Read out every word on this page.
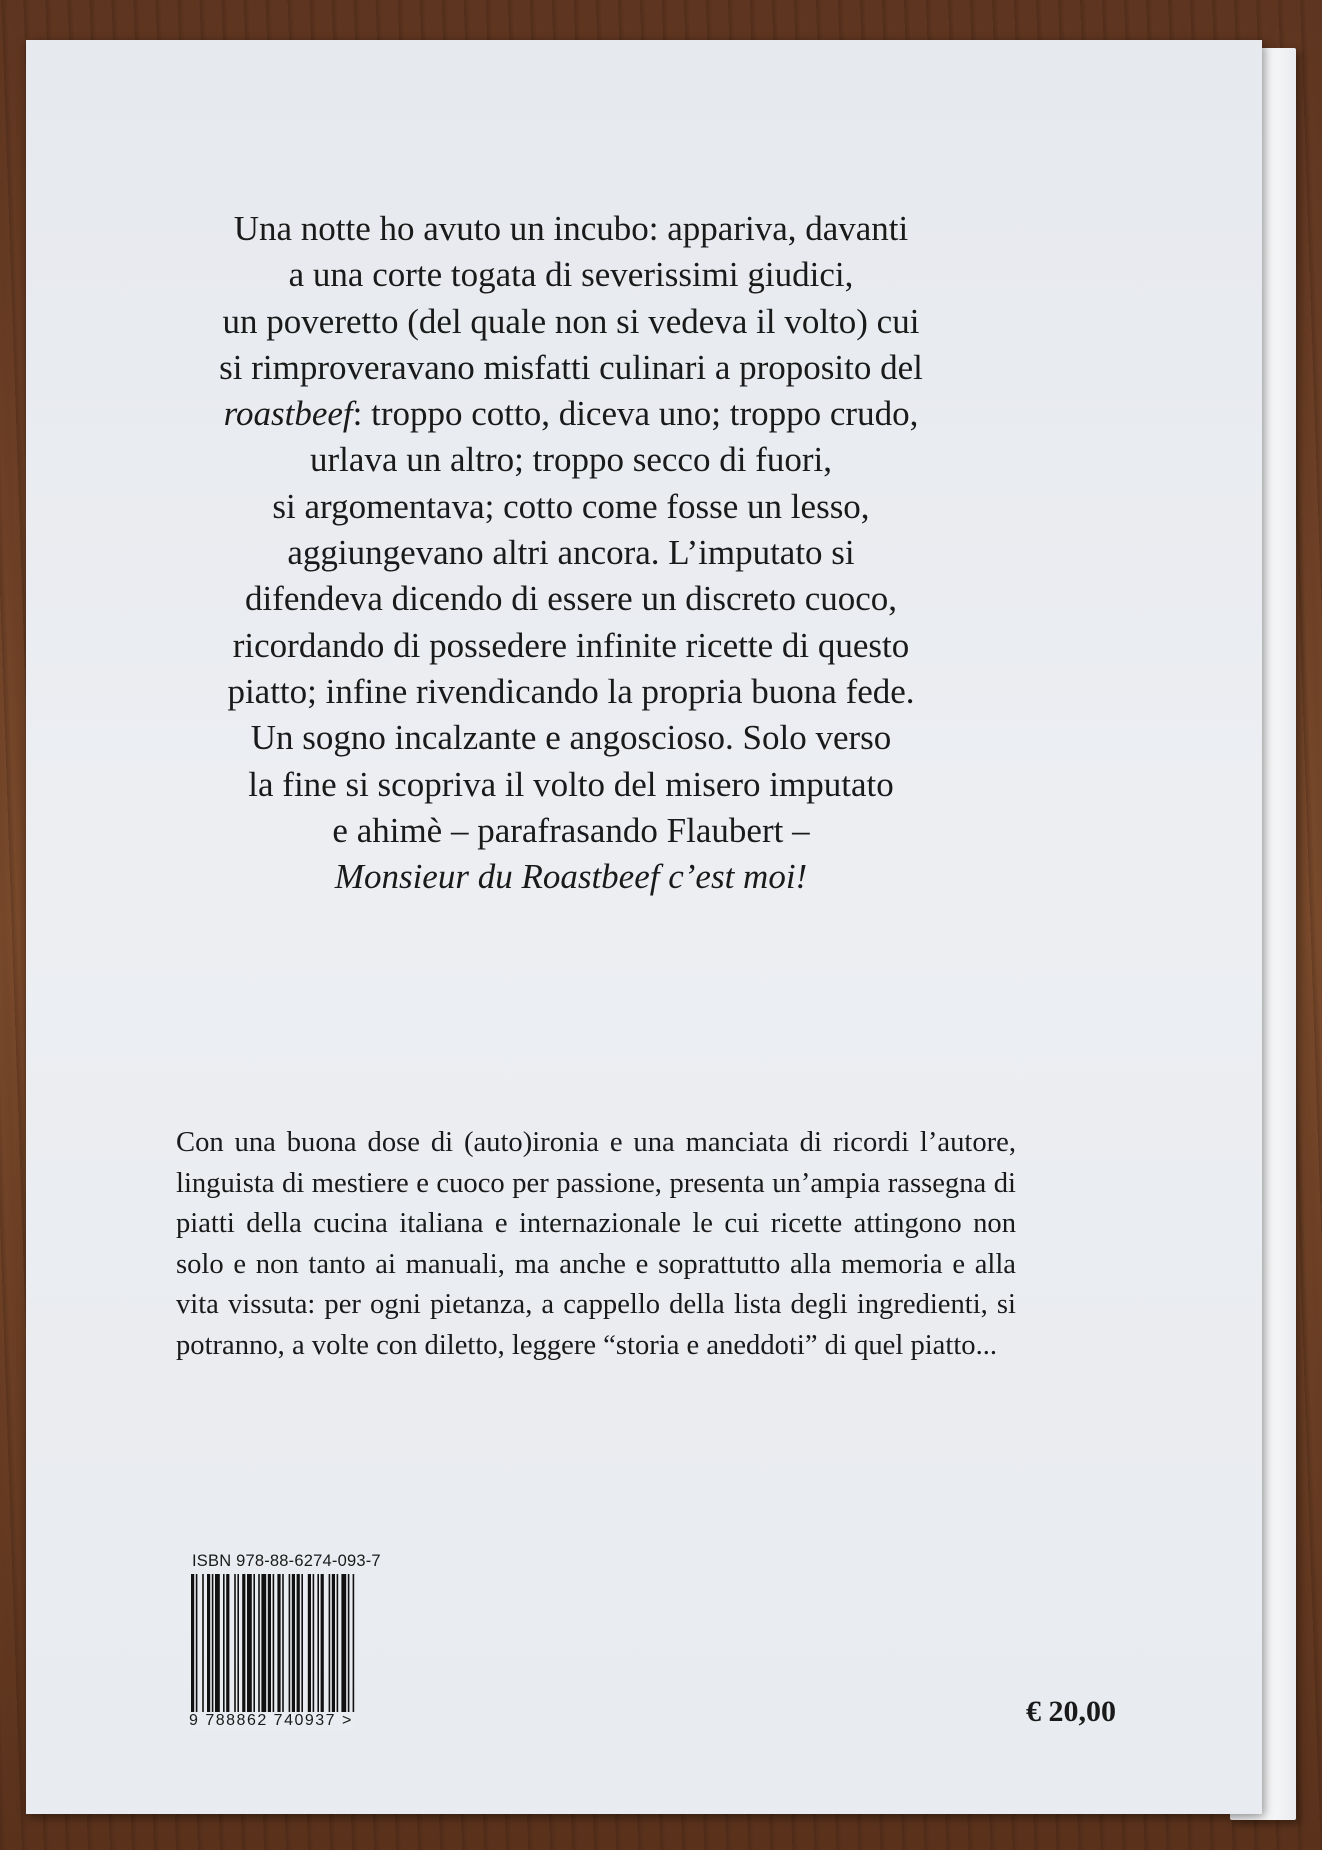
Una notte ho avuto un incubo: appariva, davanti
a una corte togata di severissimi giudici,
un poveretto (del quale non si vedeva il volto) cui
si rimproveravano misfatti culinari a proposito del
roastbeef: troppo cotto, diceva uno; troppo crudo,
urlava un altro; troppo secco di fuori,
si argomentava; cotto come fosse un lesso,
aggiungevano altri ancora. L’imputato si
difendeva dicendo di essere un discreto cuoco,
ricordando di possedere infinite ricette di questo
piatto; infine rivendicando la propria buona fede.
Un sogno incalzante e angoscioso. Solo verso
la fine si scopriva il volto del misero imputato
e ahimè – parafrasando Flaubert –
Monsieur du Roastbeef c’est moi!

Con una buona dose di (auto)ironia e una manciata di ricordi l’autore, linguista di mestiere e cuoco per passione, presenta un’ampia rassegna di piatti della cucina italiana e internazionale le cui ricette attingono non solo e non tanto ai manuali, ma anche e soprattutto alla memoria e alla vita vissuta: per ogni pietanza, a cappello della lista degli ingredienti, si potranno, a volte con diletto, leggere “storia e aneddoti” di quel piatto...

ISBN 978-88-6274-093-7
9 788862 740937 >	€ 20,00
